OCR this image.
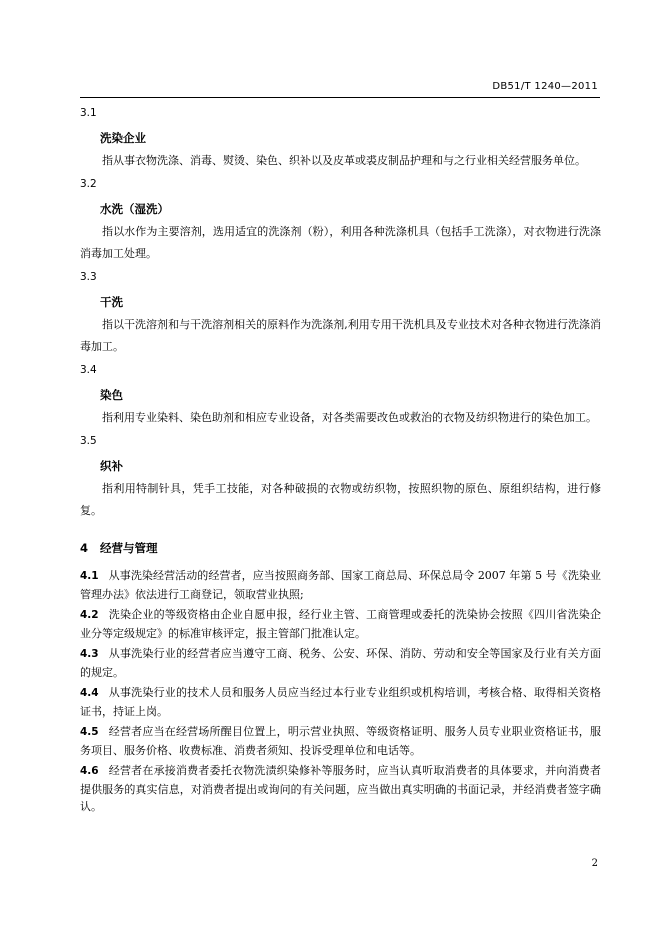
DB51/T 1240—2011

3.1

洗染企业

指从事衣物洗涤、消毒、熨烫、染色、织补以及皮革或裘皮制品护理和与之行业相关经营服务单位。

3.2

水洗（湿洗）

指以水作为主要溶剂，选用适宜的洗涤剂（粉），利用各种洗涤机具（包括手工洗涤），对衣物进行洗涤消毒加工处理。

3.3

干洗

指以干洗溶剂和与干洗溶剂相关的原料作为洗涤剂,利用专用干洗机具及专业技术对各种衣物进行洗涤消毒加工。

3.4

染色

指利用专业染料、染色助剂和相应专业设备，对各类需要改色或救治的衣物及纺织物进行的染色加工。

3.5

织补

指利用特制针具，凭手工技能，对各种破损的衣物或纺织物，按照织物的原色、原组织结构，进行修复。

4 经营与管理

4.1 从事洗染经营活动的经营者，应当按照商务部、国家工商总局、环保总局令 2007 年第 5 号《洗染业管理办法》依法进行工商登记，领取营业执照;

4.2 洗染企业的等级资格由企业自愿申报，经行业主管、工商管理或委托的洗染协会按照《四川省洗染企业分等定级规定》的标准审核评定，报主管部门批准认定。

4.3 从事洗染行业的经营者应当遵守工商、税务、公安、环保、消防、劳动和安全等国家及行业有关方面的规定。

4.4 从事洗染行业的技术人员和服务人员应当经过本行业专业组织或机构培训，考核合格、取得相关资格证书，持证上岗。

4.5 经营者应当在经营场所醒目位置上，明示营业执照、等级资格证明、服务人员专业职业资格证书，服务项目、服务价格、收费标准、消费者须知、投诉受理单位和电话等。

4.6 经营者在承接消费者委托衣物洗渍织染修补等服务时，应当认真听取消费者的具体要求，并向消费者提供服务的真实信息，对消费者提出或询问的有关问题，应当做出真实明确的书面记录，并经消费者签字确认。

2
